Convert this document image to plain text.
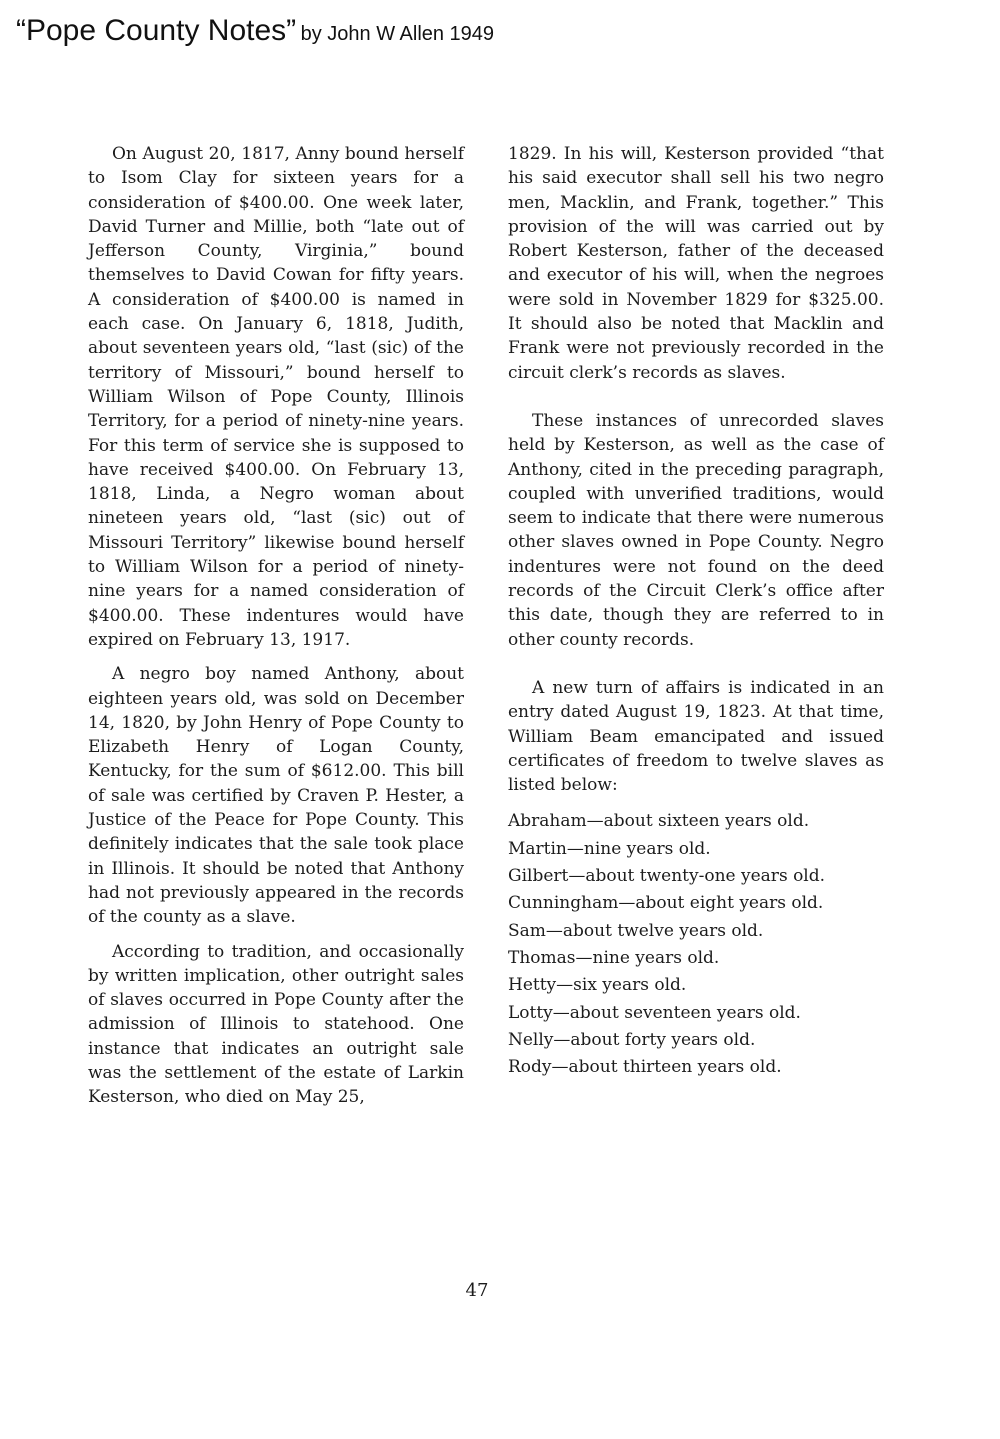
“Pope County Notes” by John W Allen 1949

On August 20, 1817, Anny bound herself to Isom Clay for sixteen years for a consideration of $400.00. One week later, David Turner and Millie, both “late out of Jefferson County, Virginia,” bound themselves to David Cowan for fifty years. A consideration of $400.00 is named in each case. On January 6, 1818, Judith, about seventeen years old, “last (sic) of the territory of Missouri,” bound herself to William Wilson of Pope County, Illinois Territory, for a period of ninety-nine years. For this term of service she is supposed to have received $400.00. On February 13, 1818, Linda, a Negro woman about nineteen years old, “last (sic) out of Missouri Territory” likewise bound herself to William Wilson for a period of ninety-nine years for a named consideration of $400.00. These indentures would have expired on February 13, 1917.

A negro boy named Anthony, about eighteen years old, was sold on December 14, 1820, by John Henry of Pope County to Elizabeth Henry of Logan County, Kentucky, for the sum of $612.00. This bill of sale was certified by Craven P. Hester, a Justice of the Peace for Pope County. This definitely indicates that the sale took place in Illinois. It should be noted that Anthony had not previously appeared in the records of the county as a slave.

According to tradition, and occasionally by written implication, other outright sales of slaves occurred in Pope County after the admission of Illinois to statehood. One instance that indicates an outright sale was the settlement of the estate of Larkin Kesterson, who died on May 25,

1829. In his will, Kesterson provided “that his said executor shall sell his two negro men, Macklin, and Frank, together.” This provision of the will was carried out by Robert Kesterson, father of the deceased and executor of his will, when the negroes were sold in November 1829 for $325.00. It should also be noted that Macklin and Frank were not previously recorded in the circuit clerk’s records as slaves.

These instances of unrecorded slaves held by Kesterson, as well as the case of Anthony, cited in the preceding paragraph, coupled with unverified traditions, would seem to indicate that there were numerous other slaves owned in Pope County. Negro indentures were not found on the deed records of the Circuit Clerk’s office after this date, though they are referred to in other county records.

A new turn of affairs is indicated in an entry dated August 19, 1823. At that time, William Beam emancipated and issued certificates of freedom to twelve slaves as listed below:

Abraham—about sixteen years old.
Martin—nine years old.
Gilbert—about twenty-one years old.
Cunningham—about eight years old.
Sam—about twelve years old.
Thomas—nine years old.
Hetty—six years old.
Lotty—about seventeen years old.
Nelly—about forty years old.
Rody—about thirteen years old.
47
